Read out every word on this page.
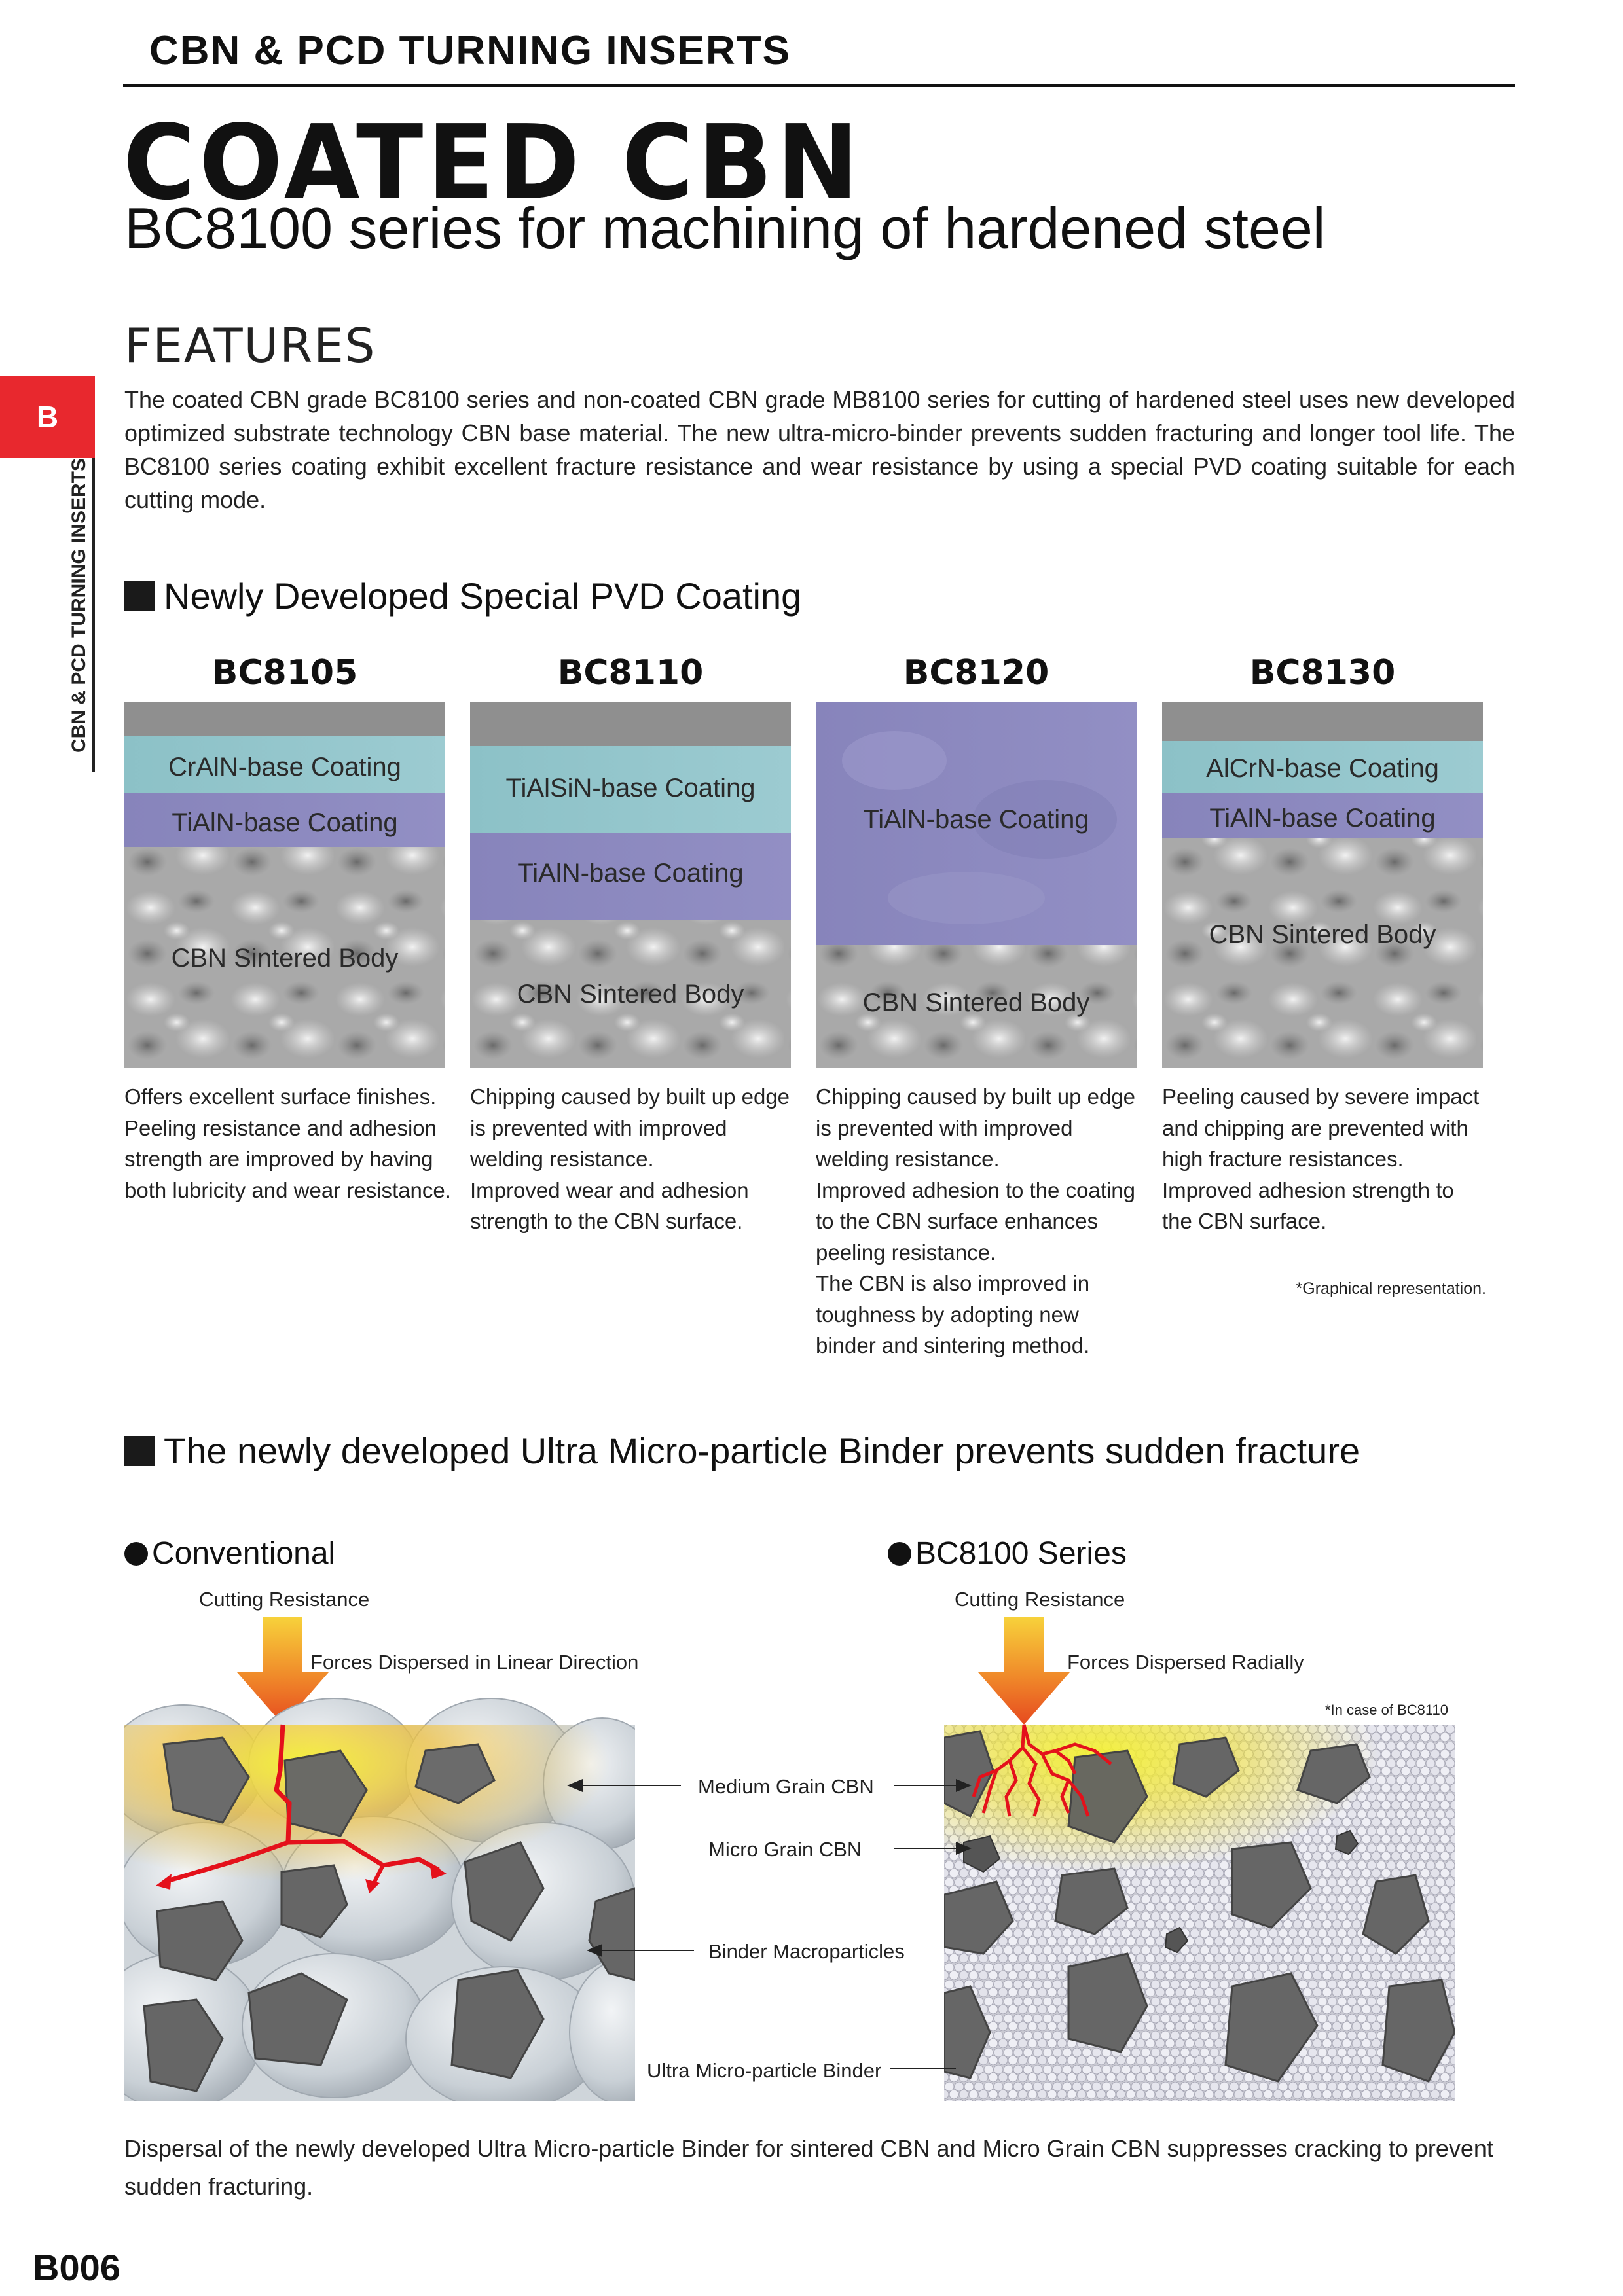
CBN & PCD TURNING INSERTS
COATED CBN
BC8100 series for machining of hardened steel
B
CBN & PCD TURNING INSERTS
FEATURES
The coated CBN grade BC8100 series and non-coated CBN grade MB8100 series for cutting of hardened steel uses new developed optimized substrate technology CBN base material. The new ultra-micro-binder prevents sudden fracturing and longer tool life. The BC8100 series coating exhibit excellent fracture resistance and wear resistance by using a special PVD coating suitable for each cutting mode.
Newly Developed Special PVD Coating
BC8105	BC8110	BC8120	BC8130
CrAlN-base Coating
TiAlN-base Coating
CBN Sintered Body
TiAlSiN-base Coating
TiAlN-base Coating
CBN Sintered Body
TiAlN-base Coating
CBN Sintered Body
AlCrN-base Coating
TiAlN-base Coating
CBN Sintered Body
Offers excellent surface finishes.
Peeling resistance and adhesion strength are improved by having both lubricity and wear resistance.
Chipping caused by built up edge is prevented with improved welding resistance.
Improved wear and adhesion strength to the CBN surface.
Chipping caused by built up edge is prevented with improved welding resistance.
Improved adhesion to the coating to the CBN surface enhances peeling resistance.
The CBN is also improved in toughness by adopting new binder and sintering method.
Peeling caused by severe impact and chipping are prevented with high fracture resistances.
Improved adhesion strength to the CBN surface.
*Graphical representation.
The newly developed Ultra Micro-particle Binder prevents sudden fracture
Conventional	BC8100 Series
Cutting Resistance
Forces Dispersed in Linear Direction
Cutting Resistance
Forces Dispersed Radially
*In case of BC8110
Medium Grain CBN
Micro Grain CBN
Binder Macroparticles
Ultra Micro-particle Binder
Dispersal of the newly developed Ultra Micro-particle Binder for sintered CBN and Micro Grain CBN suppresses cracking to prevent sudden fracturing.
B006
